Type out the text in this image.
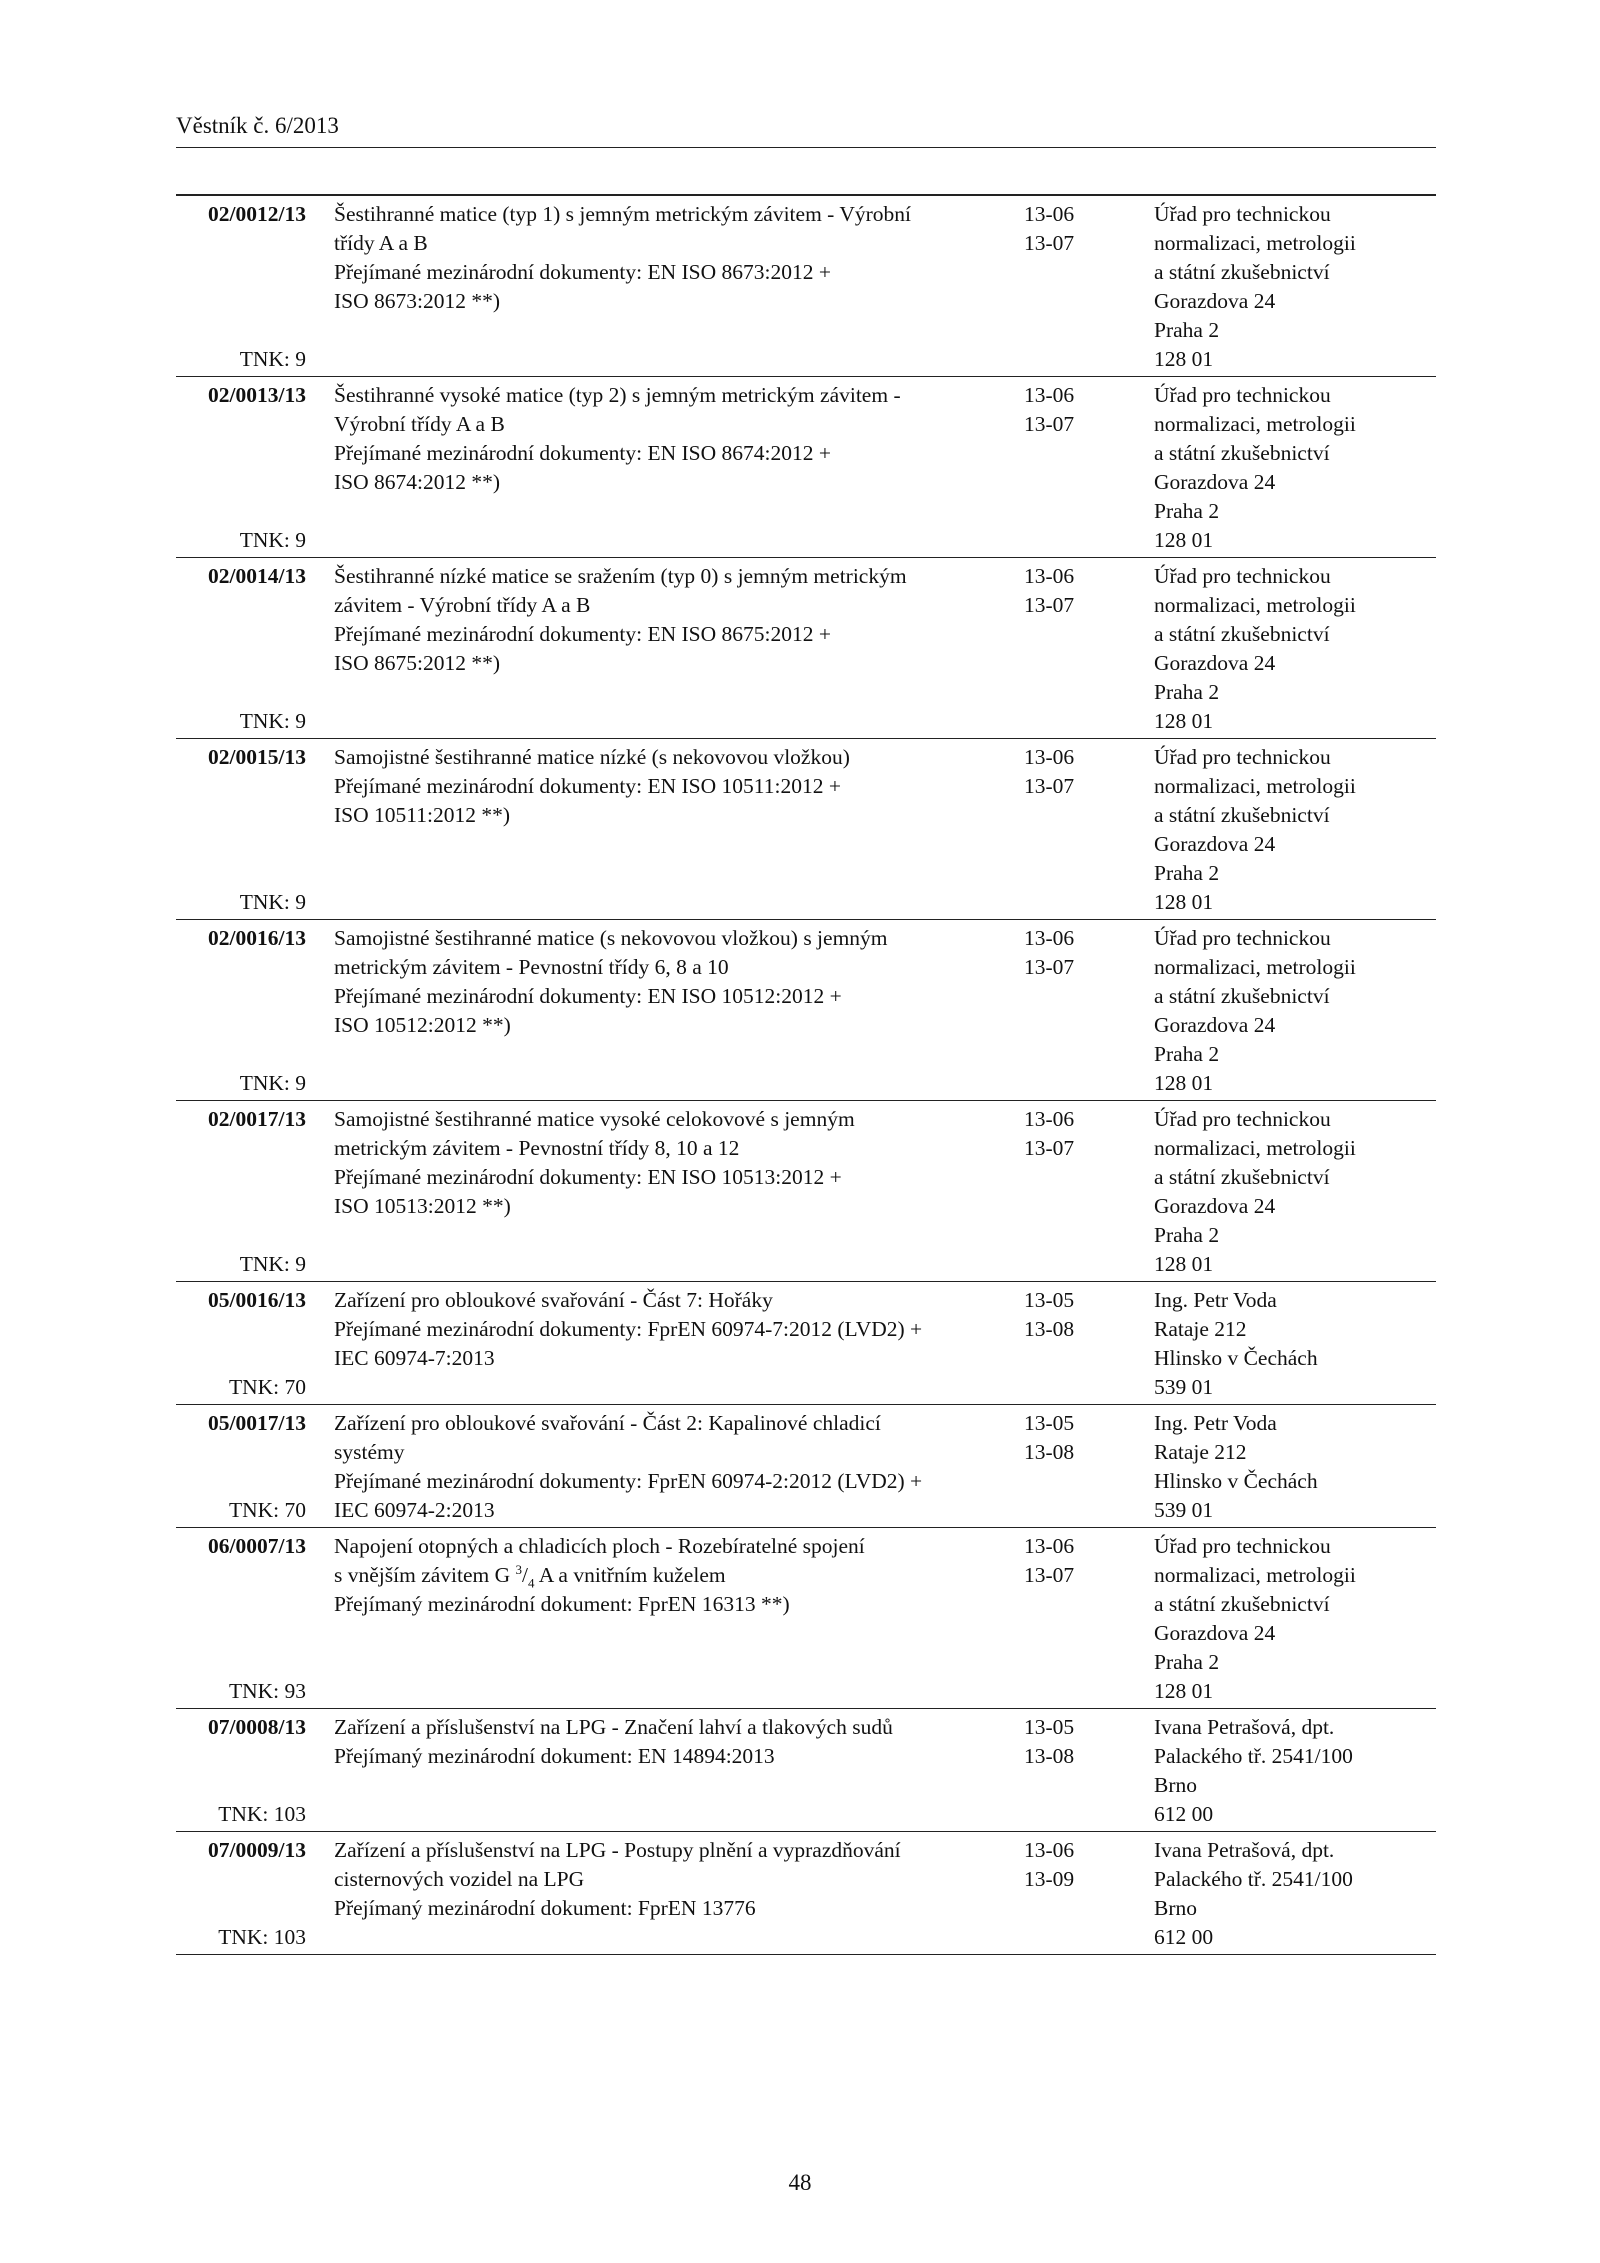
Věstník č. 6/2013
02/0012/13
TNK: 9
Šestihranné matice (typ 1) s jemným metrickým závitem - Výrobní
třídy A a B
Přejímané mezinárodní dokumenty: EN ISO 8673:2012 +
ISO 8673:2012 **)
13-06
13-07
Úřad pro technickou
normalizaci, metrologii
a státní zkušebnictví
Gorazdova 24
Praha 2
128 01
02/0013/13
TNK: 9
Šestihranné vysoké matice (typ 2) s jemným metrickým závitem -
Výrobní třídy A a B
Přejímané mezinárodní dokumenty: EN ISO 8674:2012 +
ISO 8674:2012 **)
13-06
13-07
Úřad pro technickou
normalizaci, metrologii
a státní zkušebnictví
Gorazdova 24
Praha 2
128 01
02/0014/13
TNK: 9
Šestihranné nízké matice se sražením (typ 0) s jemným metrickým
závitem - Výrobní třídy A a B
Přejímané mezinárodní dokumenty: EN ISO 8675:2012 +
ISO 8675:2012 **)
13-06
13-07
Úřad pro technickou
normalizaci, metrologii
a státní zkušebnictví
Gorazdova 24
Praha 2
128 01
02/0015/13
TNK: 9
Samojistné šestihranné matice nízké (s nekovovou vložkou)
Přejímané mezinárodní dokumenty: EN ISO 10511:2012 +
ISO 10511:2012 **)
13-06
13-07
Úřad pro technickou
normalizaci, metrologii
a státní zkušebnictví
Gorazdova 24
Praha 2
128 01
02/0016/13
TNK: 9
Samojistné šestihranné matice (s nekovovou vložkou) s jemným
metrickým závitem - Pevnostní třídy 6, 8 a 10
Přejímané mezinárodní dokumenty: EN ISO 10512:2012 +
ISO 10512:2012 **)
13-06
13-07
Úřad pro technickou
normalizaci, metrologii
a státní zkušebnictví
Gorazdova 24
Praha 2
128 01
02/0017/13
TNK: 9
Samojistné šestihranné matice vysoké celokovové s jemným
metrickým závitem - Pevnostní třídy 8, 10 a 12
Přejímané mezinárodní dokumenty: EN ISO 10513:2012 +
ISO 10513:2012 **)
13-06
13-07
Úřad pro technickou
normalizaci, metrologii
a státní zkušebnictví
Gorazdova 24
Praha 2
128 01
05/0016/13
TNK: 70
Zařízení pro obloukové svařování - Část 7: Hořáky
Přejímané mezinárodní dokumenty: FprEN 60974-7:2012 (LVD2) +
IEC 60974-7:2013
13-05
13-08
Ing. Petr Voda
Rataje 212
Hlinsko v Čechách
539 01
05/0017/13
TNK: 70
Zařízení pro obloukové svařování - Část 2: Kapalinové chladicí
systémy
Přejímané mezinárodní dokumenty: FprEN 60974-2:2012 (LVD2) +
IEC 60974-2:2013
13-05
13-08
Ing. Petr Voda
Rataje 212
Hlinsko v Čechách
539 01
06/0007/13
TNK: 93
Napojení otopných a chladicích ploch - Rozebíratelné spojení
s vnějším závitem G $^3/_4$ A a vnitřním kuželem
Přejímaný mezinárodní dokument: FprEN 16313 **)
13-06
13-07
Úřad pro technickou
normalizaci, metrologii
a státní zkušebnictví
Gorazdova 24
Praha 2
128 01
07/0008/13
TNK: 103
Zařízení a příslušenství na LPG - Značení lahví a tlakových sudů
Přejímaný mezinárodní dokument: EN 14894:2013
13-05
13-08
Ivana Petrašová, dpt.
Palackého tř. 2541/100
Brno
612 00
07/0009/13
TNK: 103
Zařízení a příslušenství na LPG - Postupy plnění a vyprazdňování
cisternových vozidel na LPG
Přejímaný mezinárodní dokument: FprEN 13776
13-06
13-09
Ivana Petrašová, dpt.
Palackého tř. 2541/100
Brno
612 00
48
